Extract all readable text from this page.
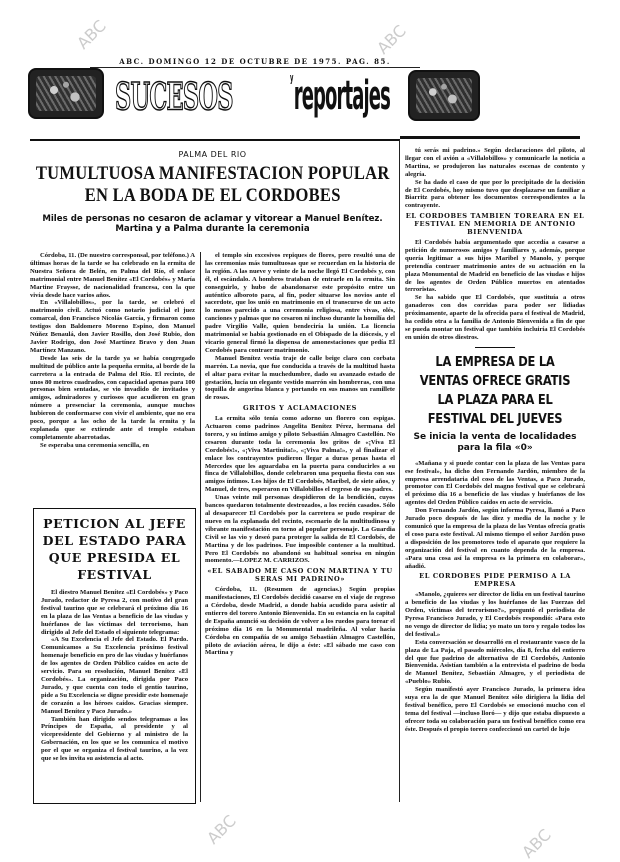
ABC. DOMINGO 12 DE OCTUBRE DE 1975. PAG. 85.
SUCESOS	$^y$reportajes
PALMA DEL RIO
TUMULTUOSA MANIFESTACION POPULAR EN LA BODA DE EL CORDOBES
Miles de personas no cesaron de aclamar y vitorear a Manuel Benítez. Martina y a Palma durante la ceremonia

Córdoba, 11. (De nuestro corresponsal, por teléfono.) A últimas horas de la tarde se ha celebrado en la ermita de Nuestra Señora de Belén, en Palma del Río, el enlace matrimonial entre Manuel Benítez «El Cordobés» y María Martine Fraysse, de nacionalidad francesa, con la que vivía desde hace varios años.

En «Villalobillos», por la tarde, se celebró el matrimonio civil. Actuó como notario judicial el juez comarcal, don Francisco Nicolás García, y firmaron como testigos don Baldomero Moreno Espino, don Manuel Núñez Benaulá, don Javier Rosillo, don José Rubio, don Javier Rodrigo, don José Martínez Bravo y don Juan Martínez Manzano.

Desde las seis de la tarde ya se había congregado multitud de público ante la pequeña ermita, al borde de la carretera a la entrada de Palma del Río. El recinto, de unos 80 metros cuadrados, con capacidad apenas para 100 personas bien sentadas, se vio invadido de invitados y amigos, admiradores y curiosos que acudieron en gran número a presenciar la ceremonia, aunque muchos hubieron de conformarse con vivir el ambiente, que no era poco, porque a las ocho de la tarde la ermita y la explanada que se extiende ante el templo estaban completamente abarrotadas.

Se esperaba una ceremonia sencilla, en

PETICION AL JEFE DEL ESTADO PARA QUE PRESIDA EL FESTIVAL

El diestro Manuel Benítez «El Cordobés» y Paco Jurado, redactor de Pyresa 2, con motivo del gran festival taurino que se celebrará el próximo día 16 en la plaza de las Ventas a beneficio de las viudas y huérfanos de las víctimas del terrorismo, han dirigido al Jefe del Estado el siguiente telegrama:

«A Su Excelencia el Jefe del Estado. El Pardo. Comunicamos a Su Excelencia próximo festival homenaje beneficio en pro de las viudas y huérfanos de los agentes de Orden Público caídos en acto de servicio. Para su resolución, Manuel Benítez «El Cordobés». La organización, dirigida por Paco Jurado, y que cuenta con todo el gentío taurino, pide a Su Excelencia se digne presidir este homenaje de corazón a los héroes caídos. Gracias siempre. Manuel Benítez y Paco Jurado.»

También han dirigido sendos telegramas a los Príncipes de España, al presidente y al vicepresidente del Gobierno y al ministro de la Gobernación, en los que se les comunica el motivo por el que se organiza el festival taurino, a la vez que se les invita su asistencia al acto.

el templo sin excesivos repiques de flores, pero resultó una de las ceremonias más tumultuosas que se recuerdan en la historia de la región. A las nueve y veinte de la noche llegó El Cordobés y, con él, el escándalo. A hombros trataban de entrarle en la ermita. Sin conseguirlo, y hubo de abandonarse este propósito entre un auténtico alboroto para, al fin, poder situarse los novios ante el sacerdote, que los unió en matrimonio en el transcurso de un acto lo menos parecido a una ceremonia religiosa, entre vivas, olés, canciones y palmas que no cesaron ni incluso durante la homilía del padre Virgilio Valle, quien bendeciría la unión. La licencia matrimonial se había gestionado en el Obispado de la diócesis, y el vicario general firmó la dispensa de amonestaciones que pedía El Cordobés para contraer matrimonio.

Manuel Benítez vestía traje de calle beige claro con corbata marrón. La novia, que fue conducida a través de la multitud hasta el altar para evitar la muchedumbre, dado su avanzado estado de gestación, lucía un elegante vestido marrón sin hombreras, con una toquilla de angorina blanca y portando en sus manos un ramillete de rosas.

GRITOS Y ACLAMACIONES

La ermita sólo tenía como adorno un florero con espigas. Actuaron como padrinos Angelita Benítez Pérez, hermana del torero, y su íntimo amigo y piloto Sebastián Almagro Castellón. No cesaron durante toda la ceremonia los gritos de «¡Viva El Cordobés!», «¡Viva Martinita!», «¡Viva Palma!», y al finalizar el enlace los contrayentes pudieron llegar a duras penas hasta el Mercedes que les aguardaba en la puerta para conducirles a su finca de Villalobillos, donde celebraron una pequeña fiesta con sus amigos íntimos. Los hijos de El Cordobés, Maribel, de siete años, y Manuel, de tres, esperaron en Villalobillos el regreso de sus padres.

Unas veinte mil personas despidieron de la bendición, cuyos bancos quedaron totalmente destrozados, a los recién casados. Sólo al desaparecer El Cordobés por la carretera se pudo respirar de nuevo en la explanada del recinto, escenario de la multitudinosa y vibrante manifestación en torno al popular personaje. La Guardia Civil se las vio y deseó para proteger la salida de El Cordobés, de Martina y de los padrinos. Fue imposible contener a la multitud. Pero El Cordobés no abandonó su habitual sonrisa en ningún momento.—LOPEZ M. CARRIZOS.

«EL SABADO ME CASO CON MARTINA Y TU SERAS MI PADRINO»

Córdoba, 11. (Resumen de agencias.) Según propias manifestaciones, El Cordobés decidió casarse en el viaje de regreso a Córdoba, desde Madrid, a donde había acudido para asistir al entierro del torero Antonio Bienvenida. En su estancia en la capital de España anunció su decisión de volver a los ruedos para torear el próximo día 16 en la Monumental madrileña. Al volar hacia Córdoba en compañía de su amigo Sebastián Almagro Castellón, piloto de aviación aérea, le dijo a éste: «El sábado me caso con Martina y

tú serás mi padrino.» Según declaraciones del piloto, al llegar con el avión a «Villalobillos» y comunicarle la noticia a Martina, se produjeron las naturales escenas de contento y alegría.

Se ha dado el caso de que por lo precipitado de la decisión de El Cordobés, hoy mismo tuvo que desplazarse un familiar a Biarritz para obtener los documentos correspondientes a la contrayente.

EL CORDOBES TAMBIEN TOREARA EN EL FESTIVAL EN MEMORIA DE ANTONIO BIENVENIDA

El Cordobés había argumentado que accedía a casarse a petición de numerosos amigos y familiares y, además, porque quería legitimar a sus hijos Maribel y Manolo, y porque pretendía contraer matrimonio antes de su actuación en la plaza Monumental de Madrid en beneficio de las viudas e hijos de los agentes de Orden Público muertos en atentados terroristas.

Se ha sabido que El Cordobés, que sustituía a otros ganaderos con dos corridas para poder ser lidiadas próximamente, aparte de la ofrecida para el festival de Madrid, ha cedido otra a la familia de Antonio Bienvenida a fin de que se pueda montar un festival que también incluiría El Cordobés en unión de otros diestros.

LA EMPRESA DE LA VENTAS OFRECE GRATIS LA PLAZA PARA EL FESTIVAL DEL JUEVES
Se inicia la venta de localidades para la fila «0»

«Mañana y si puede contar con la plaza de las Ventas para ese festival», ha dicho don Fernando Jardón, miembro de la empresa arrendataria del coso de las Ventas, a Paco Jurado, promotor con El Cordobés del magno festival que se celebrará el próximo día 16 a beneficio de las viudas y huérfanos de los agentes del Orden Público caídos en acto de servicio.

Don Fernando Jardón, según informa Pyresa, llamó a Paco Jurado poco después de las diez y media de la noche y le comunicó que la empresa de la plaza de las Ventas ofrecía gratis el coso para este festival. Al mismo tiempo el señor Jardón puso a disposición de los promotores todo el aparato que requiere la organización del festival en cuanto dependa de la empresa. «Para una cosa así la empresa es la primera en colaborar», añadió.

EL CORDOBES PIDE PERMISO A LA EMPRESA

«Manolo, ¿quieres ser director de lidia en un festival taurino a beneficio de las viudas y los huérfanos de las Fuerzas del Orden, víctimas del terrorismo?», preguntó el periodista de Pyresa Francisco Jurado, y El Cordobés respondió: «Para esto no vengo de director de lidia; yo mato un toro y regalo todos los del festival.»

Esta conversación se desarrolló en el restaurante vasco de la plaza de La Paja, el pasado miércoles, día 8, fecha del entierro del que fue padrino de alternativa de El Cordobés, Antonio Bienvenida. Asistían también a la entrevista el padrino de boda de Manuel Benítez, Sebastián Almagro, y el periodista de «Pueblo» Rubio.

Según manifestó ayer Francisco Jurado, la primera idea suya era la de que Manuel Benítez sólo dirigiera la lidia del festival benéfico, pero El Cordobés se emocionó mucho con el tema del festival —incluso lloró— y dijo que estaba dispuesto a ofrecer toda su colaboración para un festival benéfico como era éste. Después el propio torero confeccionó un cartel de lujo

ABC	ABC
ABC
ABC
